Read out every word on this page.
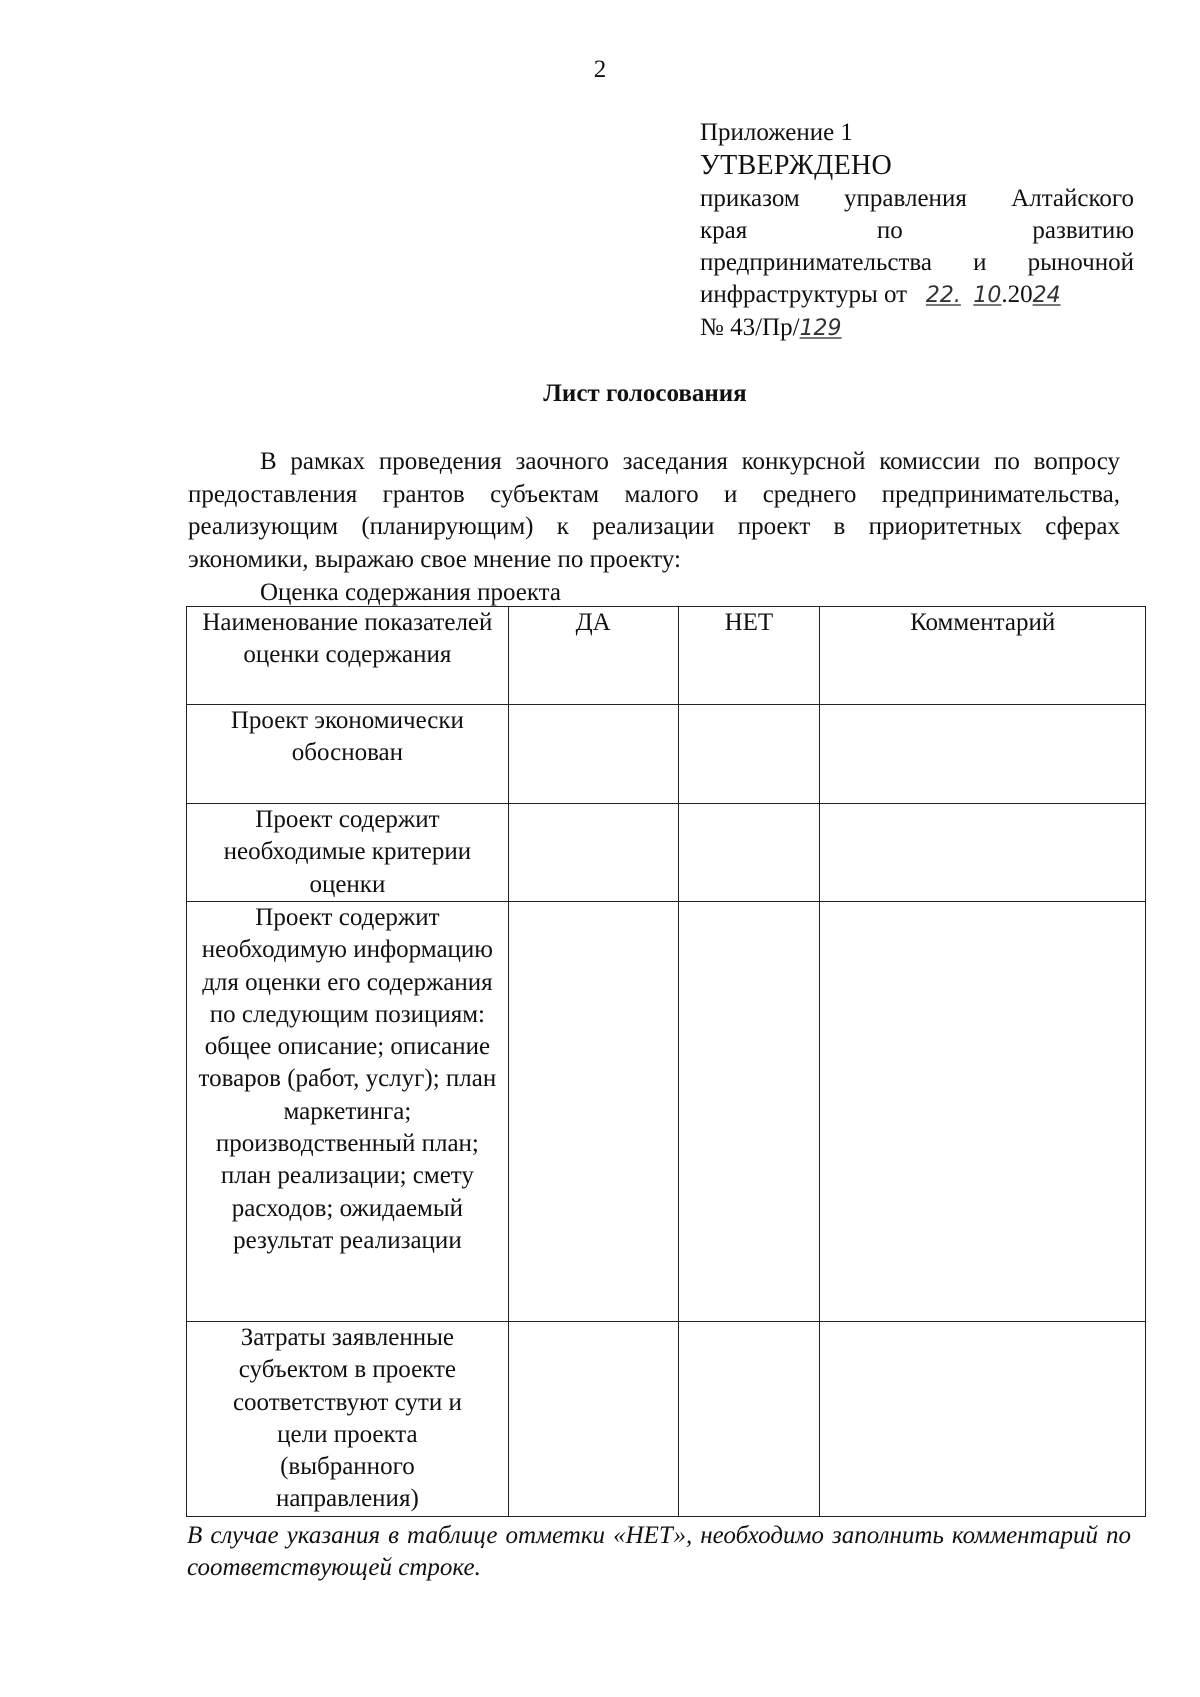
2
Приложение 1
УТВЕРЖДЕНО
приказом управления Алтайского
края по развитию
предпринимательства и рыночной
инфраструктуры от 22. 10.2024
№ 43/Пр/129
Лист голосования

В рамках проведения заочного заседания конкурсной комиссии по вопросу предоставления грантов субъектам малого и среднего предпринимательства, реализующим (планирующим) к реализации проект в приоритетных сферах экономики, выражаю свое мнение по проекту:

Оценка содержания проекта
Наименование показателей оценки содержания	ДА	НЕТ	Комментарий
Проект экономически обоснован			
Проект содержит необходимые критерии оценки			
Проект содержит необходимую информацию для оценки его содержания по следующим позициям: общее описание; описание товаров (работ, услуг); план маркетинга; производственный план; план реализации; смету расходов; ожидаемый результат реализации			
Затраты заявленные субъектом в проекте соответствуют сути и цели проекта (выбранного направления)			

В случае указания в таблице отметки «НЕТ», необходимо заполнить комментарий по соответствующей строке.
